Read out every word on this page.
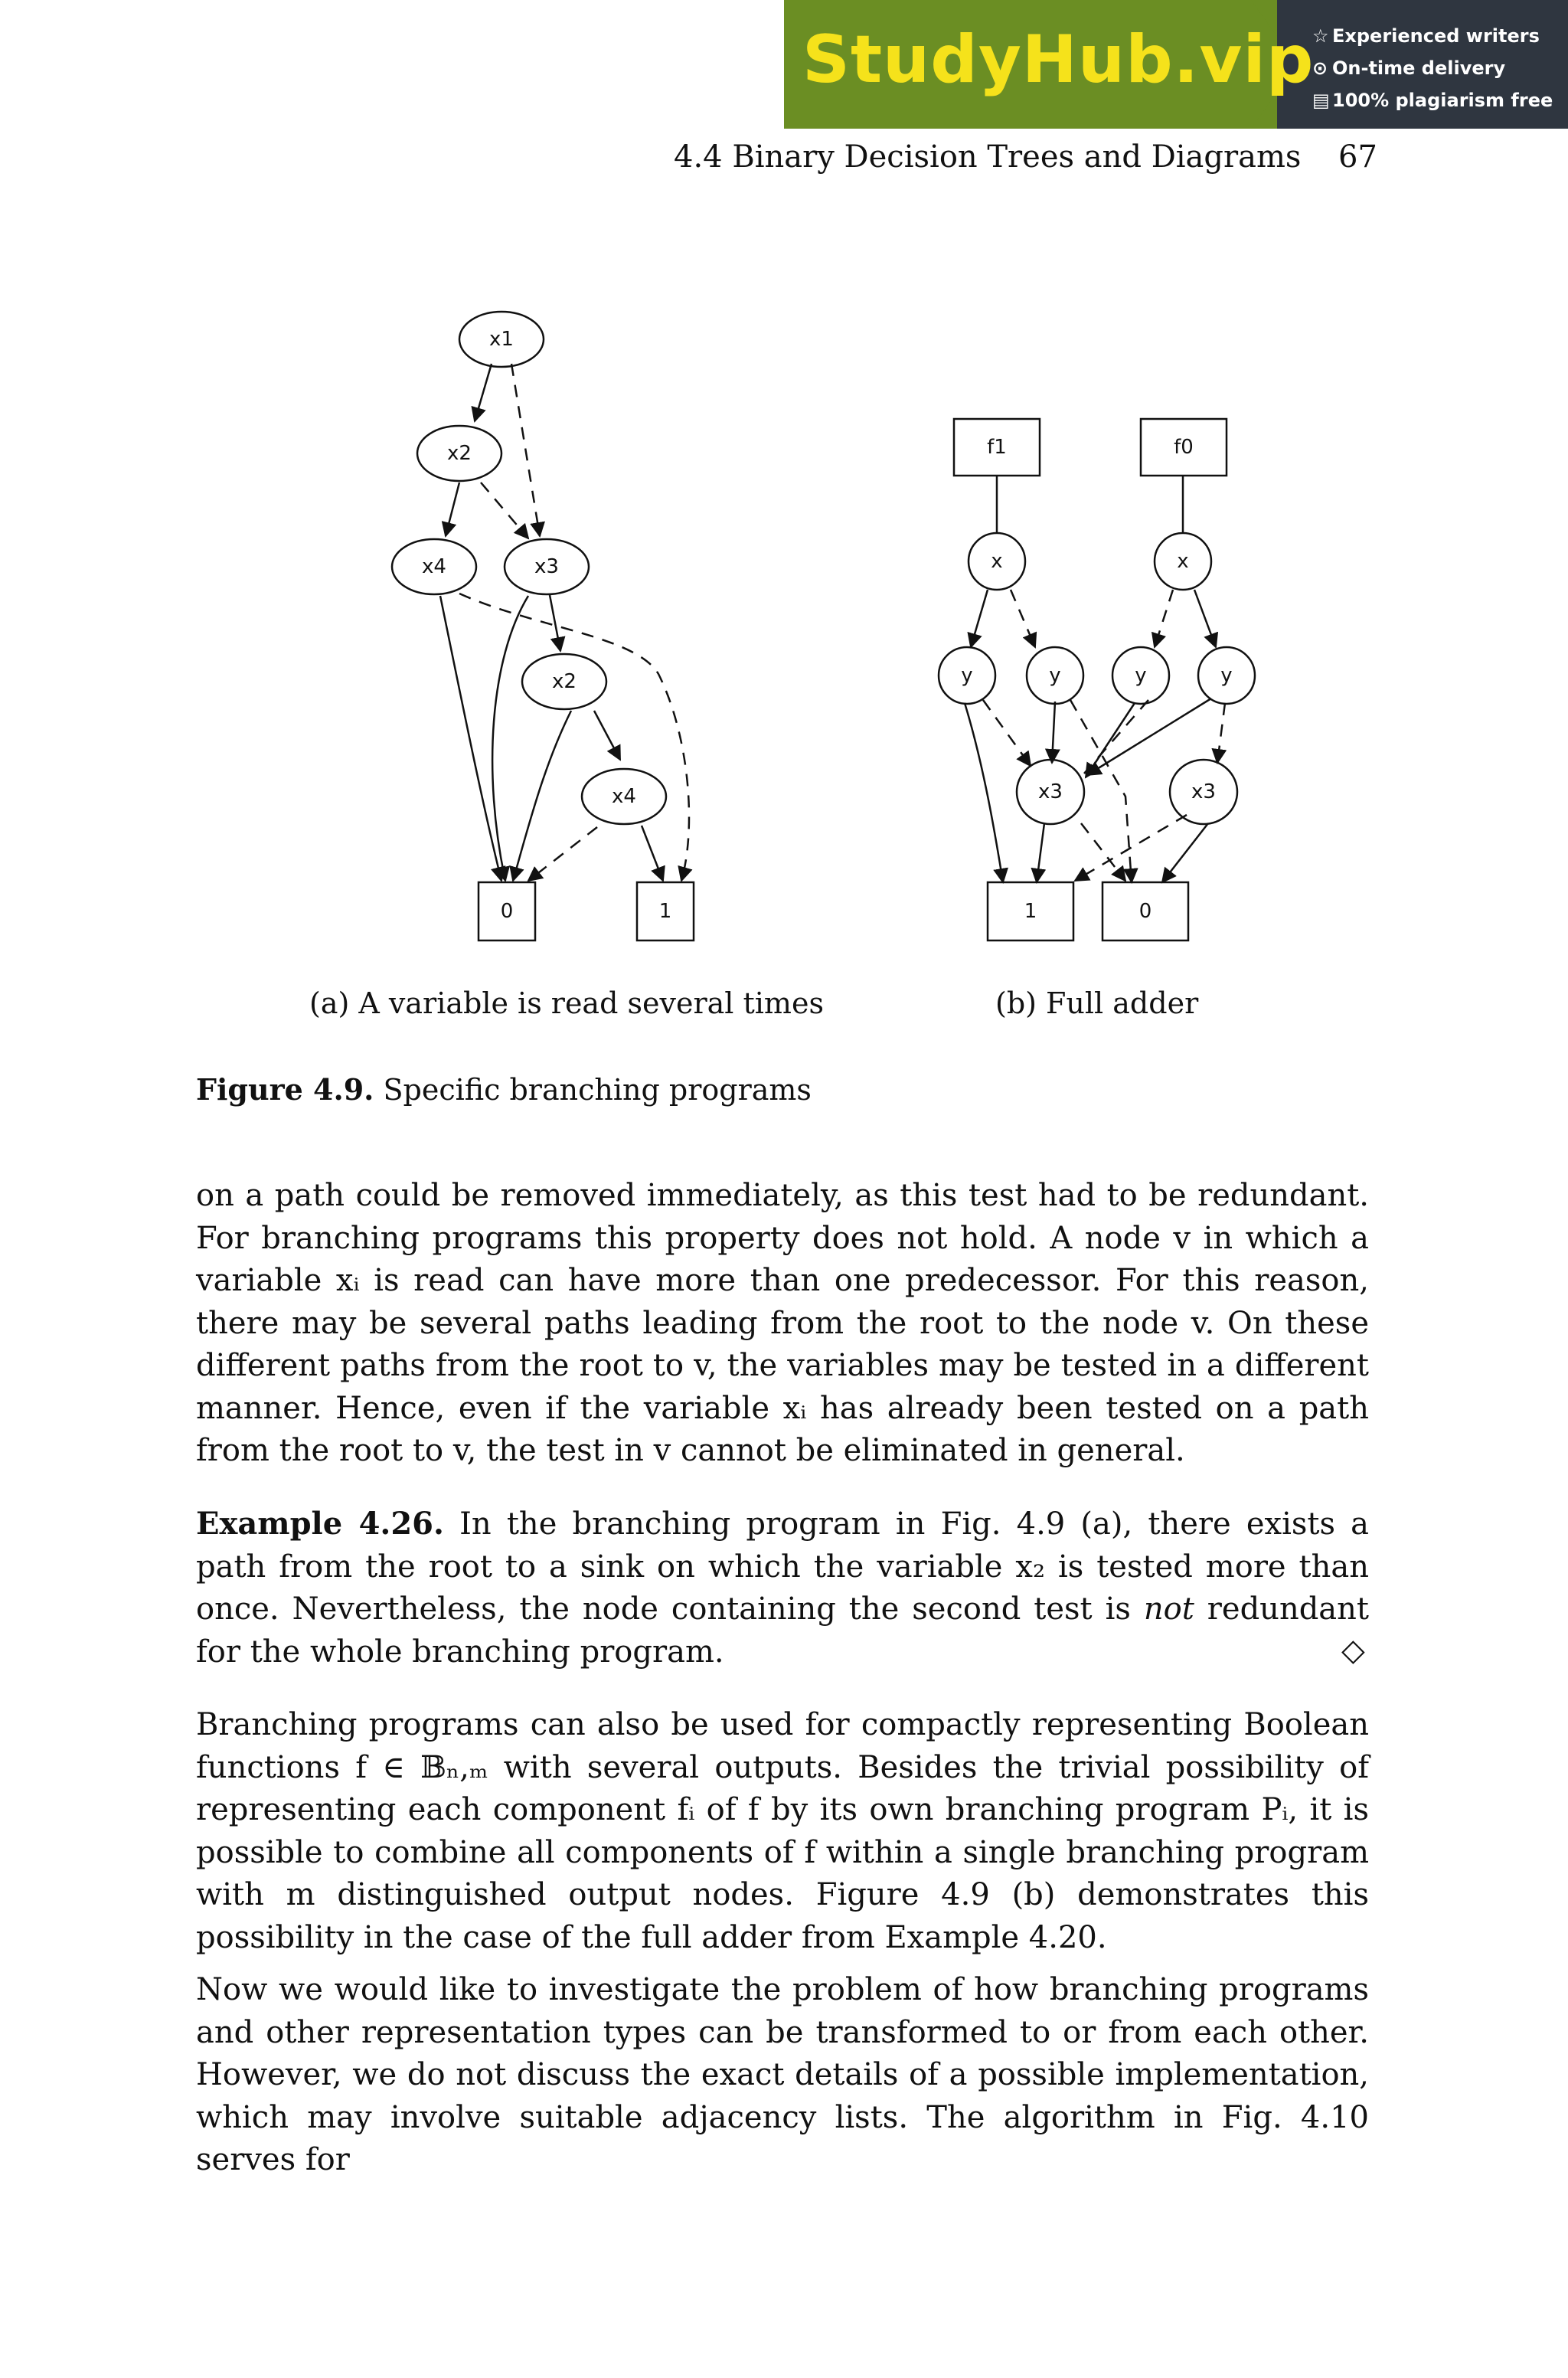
StudyHub.vip
☆ Experienced writers
⊙ On-time delivery
▤ 100% plagiarism free
4.4 Binary Decision Trees and Diagrams 67
x1
x2
x4	x3
x2
x4
0	1
f1	f0
x	x
y	y	y	y
x3	x3
1	0
(a) A variable is read several times	(b) Full adder
Figure 4.9. Specific branching programs

on a path could be removed immediately, as this test had to be redundant. For branching programs this property does not hold. A node v in which a variable xᵢ is read can have more than one predecessor. For this reason, there may be several paths leading from the root to the node v. On these different paths from the root to v, the variables may be tested in a different manner. Hence, even if the variable xᵢ has already been tested on a path from the root to v, the test in v cannot be eliminated in general.

Example 4.26. In the branching program in Fig. 4.9 (a), there exists a path from the root to a sink on which the variable x₂ is tested more than once. Nevertheless, the node containing the second test is not redundant for the whole branching program.	◇

Branching programs can also be used for compactly representing Boolean functions f ∈ 𝔹ₙ,ₘ with several outputs. Besides the trivial possibility of representing each component fᵢ of f by its own branching program Pᵢ, it is possible to combine all components of f within a single branching program with m distinguished output nodes. Figure 4.9 (b) demonstrates this possibility in the case of the full adder from Example 4.20.

Now we would like to investigate the problem of how branching programs and other representation types can be transformed to or from each other. However, we do not discuss the exact details of a possible implementation, which may involve suitable adjacency lists. The algorithm in Fig. 4.10 serves for
